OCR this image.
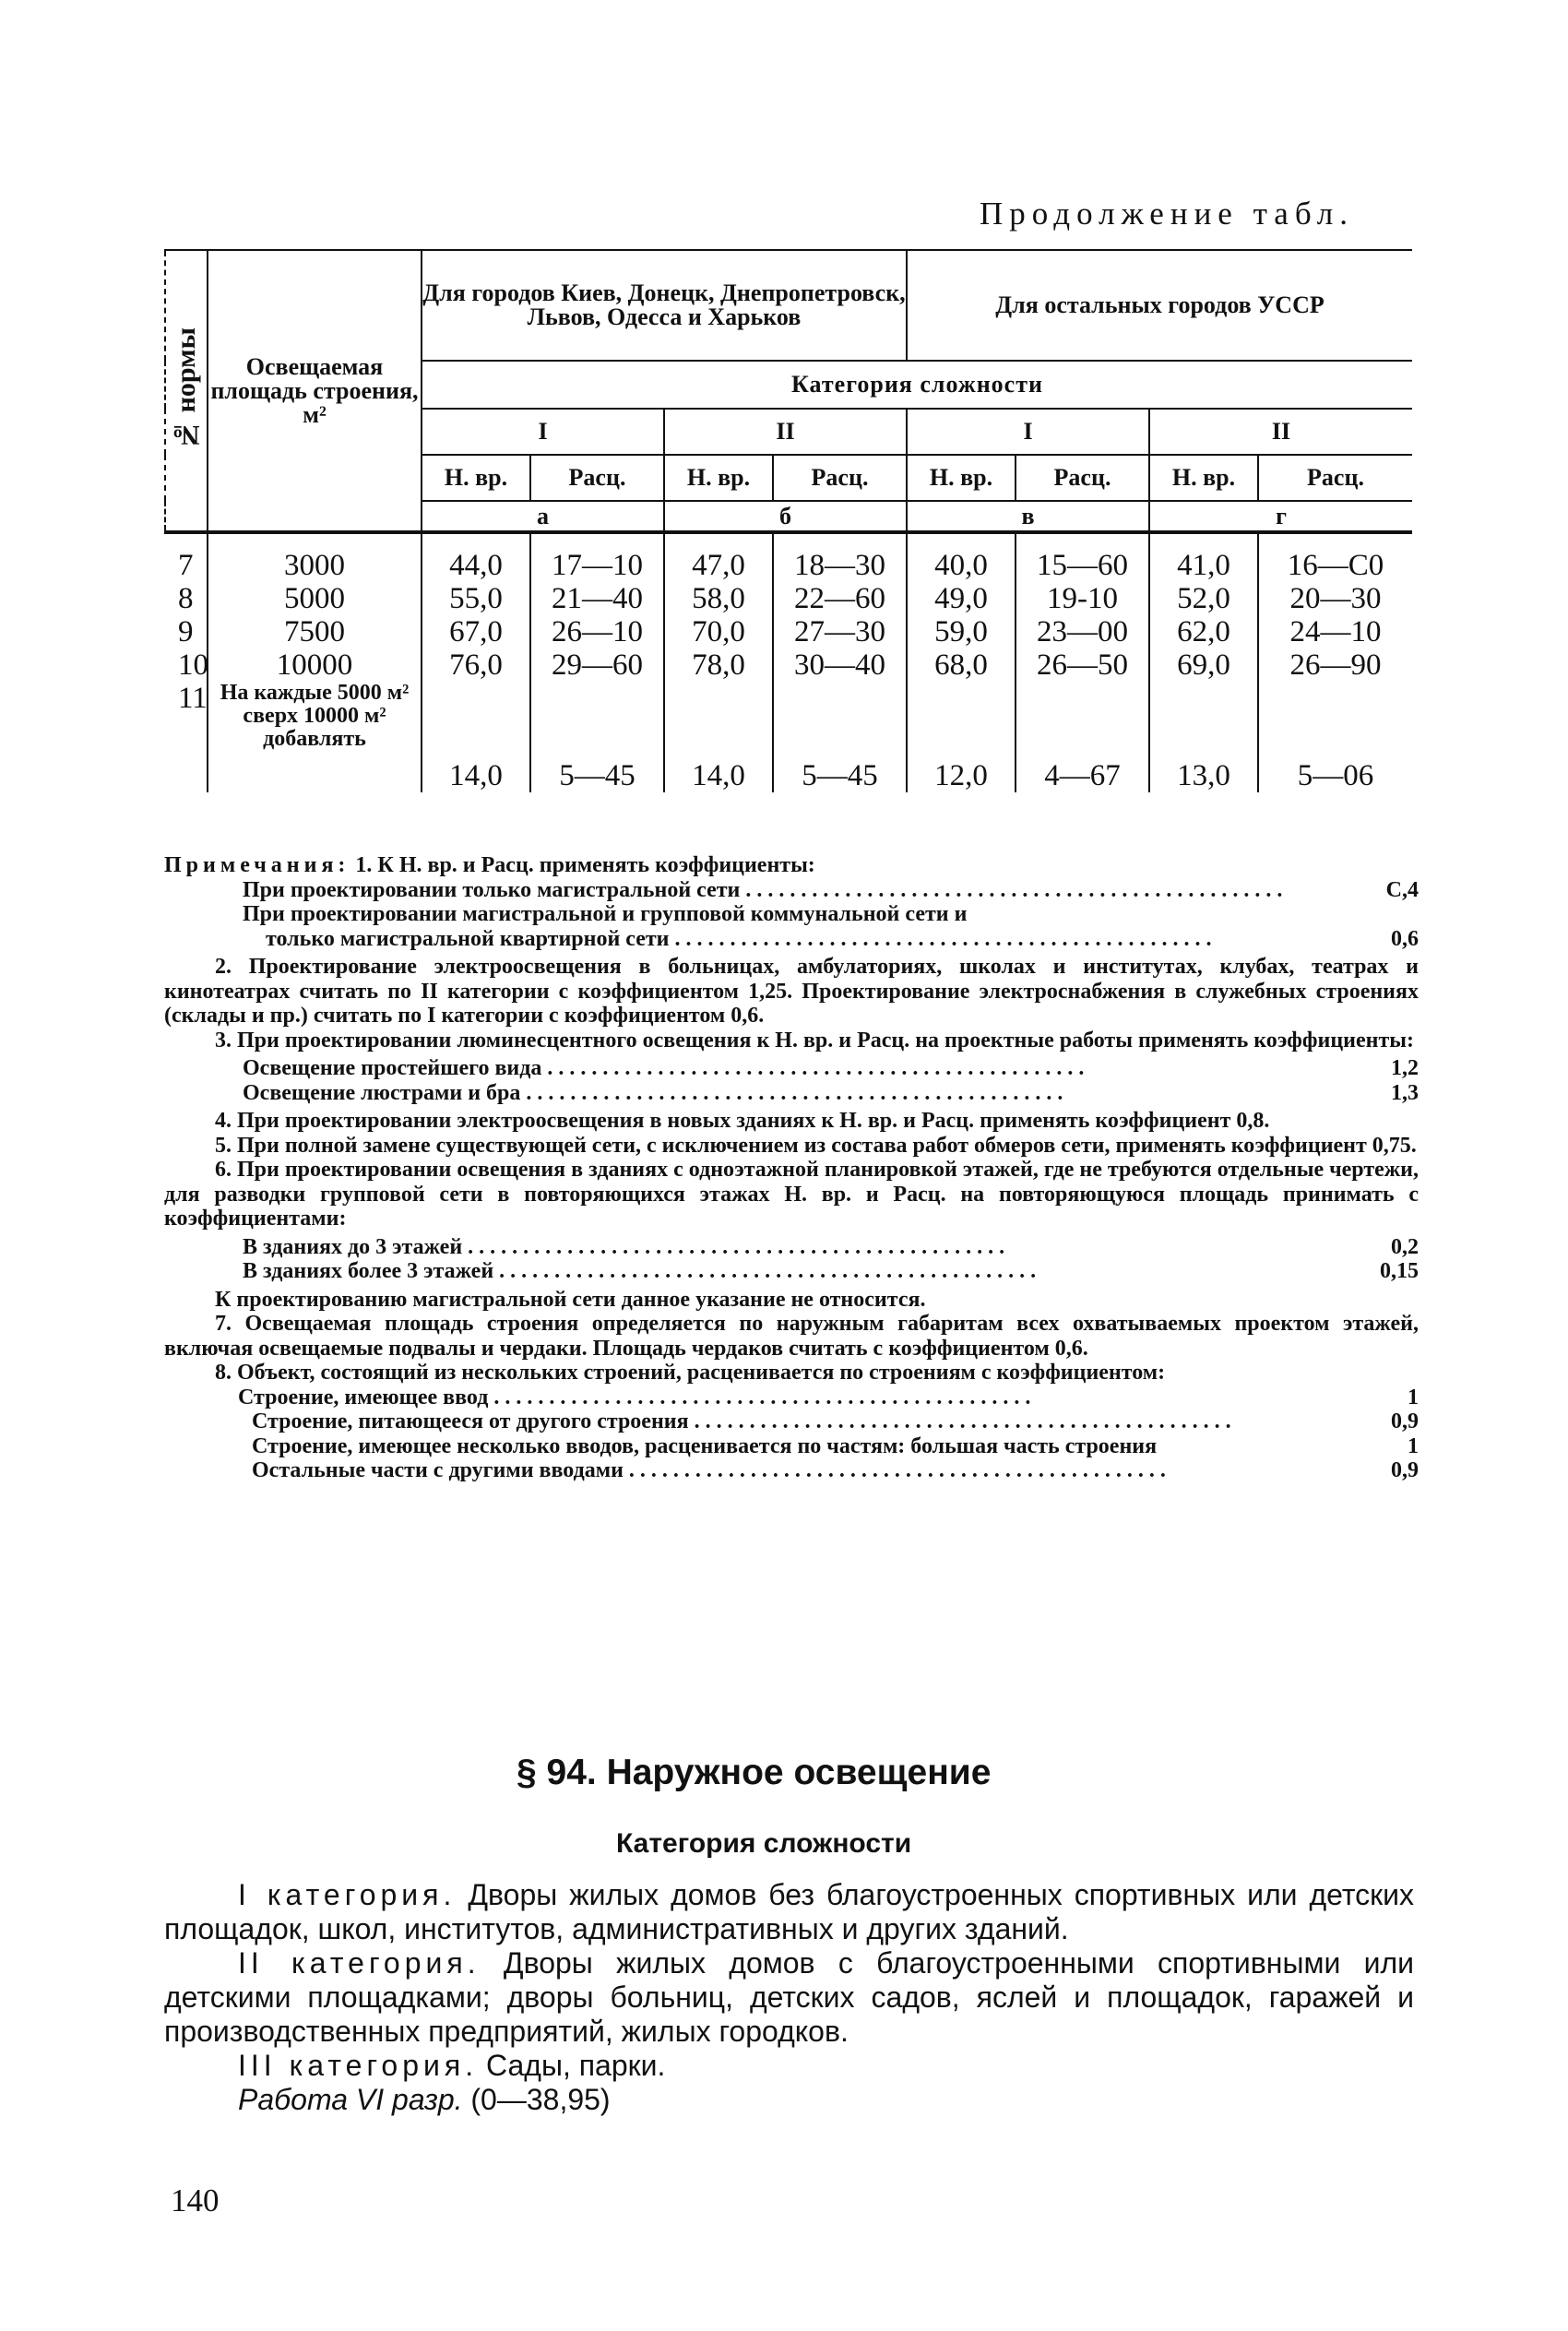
Продолжение табл.
№ нормы	Освещаемая площадь строения, м²	Для городов Киев, Донецк, Днепропетровск, Львов, Одесса и Харьков				Для остальных городов УССР			
		Категория сложности							
		I		II		I		II	
		Н. вр.	Расц.	Н. вр.	Расц.	Н. вр.	Расц.	Н. вр.	Расц.
		а		б		в		г	

7	3000	44,0	17—10	47,0	18—30	40,0	15—60	41,0	16—С0
8	5000	55,0	21—40	58,0	22—60	49,0	19-10	52,0	20—30
9	7500	67,0	26—10	70,0	27—30	59,0	23—00	62,0	24—10
10	10000	76,0	29—60	78,0	30—40	68,0	26—50	69,0	26—90
11	На каждые 5000 м² сверх 10000 м² добавлять	14,0	5—45	14,0	5—45	12,0	4—67	13,0	5—06

Примечания: 1. К Н. вр. и Расц. применять коэффициенты:

При проектировании только магистральной сети . . .	С,4
При проектировании магистральной и групповой коммунальной сети и
только магистральной квартирной сети . . .	0,6

2. Проектирование электроосвещения в больницах, амбулаториях, школах и институтах, клубах, театрах и кинотеатрах считать по II категории с коэффициентом 1,25. Проектирование электроснабжения в служебных строениях (склады и пр.) считать по I категории с коэффициентом 0,6.

3. При проектировании люминесцентного освещения к Н. вр. и Расц. на проектные работы применять коэффициенты:

Освещение простейшего вида . . .	1,2
Освещение люстрами и бра . . .	1,3

4. При проектировании электроосвещения в новых зданиях к Н. вр. и Расц. применять коэффициент 0,8.

5. При полной замене существующей сети, с исключением из состава работ обмеров сети, применять коэффициент 0,75.

6. При проектировании освещения в зданиях с одноэтажной планировкой этажей, где не требуются отдельные чертежи, для разводки групповой сети в повторяющихся этажах Н. вр. и Расц. на повторяющуюся площадь принимать с коэффициентами:

В зданиях до 3 этажей . . .	0,2
В зданиях более 3 этажей . . .	0,15

К проектированию магистральной сети данное указание не относится.

7. Освещаемая площадь строения определяется по наружным габаритам всех охватываемых проектом этажей, включая освещаемые подвалы и чердаки. Площадь чердаков считать с коэффициентом 0,6.

8. Объект, состоящий из нескольких строений, расценивается по строениям с коэффициентом:

Строение, имеющее ввод . . .	1
Строение, питающееся от другого строения . . .	0,9
Строение, имеющее несколько вводов, расценивается по частям: большая часть строения	1
Остальные части с другими вводами . . .	0,9
§ 94. Наружное освещение
Категория сложности

I категория. Дворы жилых домов без благоустроенных спортивных или детских площадок, школ, институтов, административных и других зданий.

II категория. Дворы жилых домов с благоустроенными спортивными или детскими площадками; дворы больниц, детских садов, яслей и площадок, гаражей и производственных предприятий, жилых городков.

III категория. Сады, парки.

Работа VI разр. (0—38,95)

140
